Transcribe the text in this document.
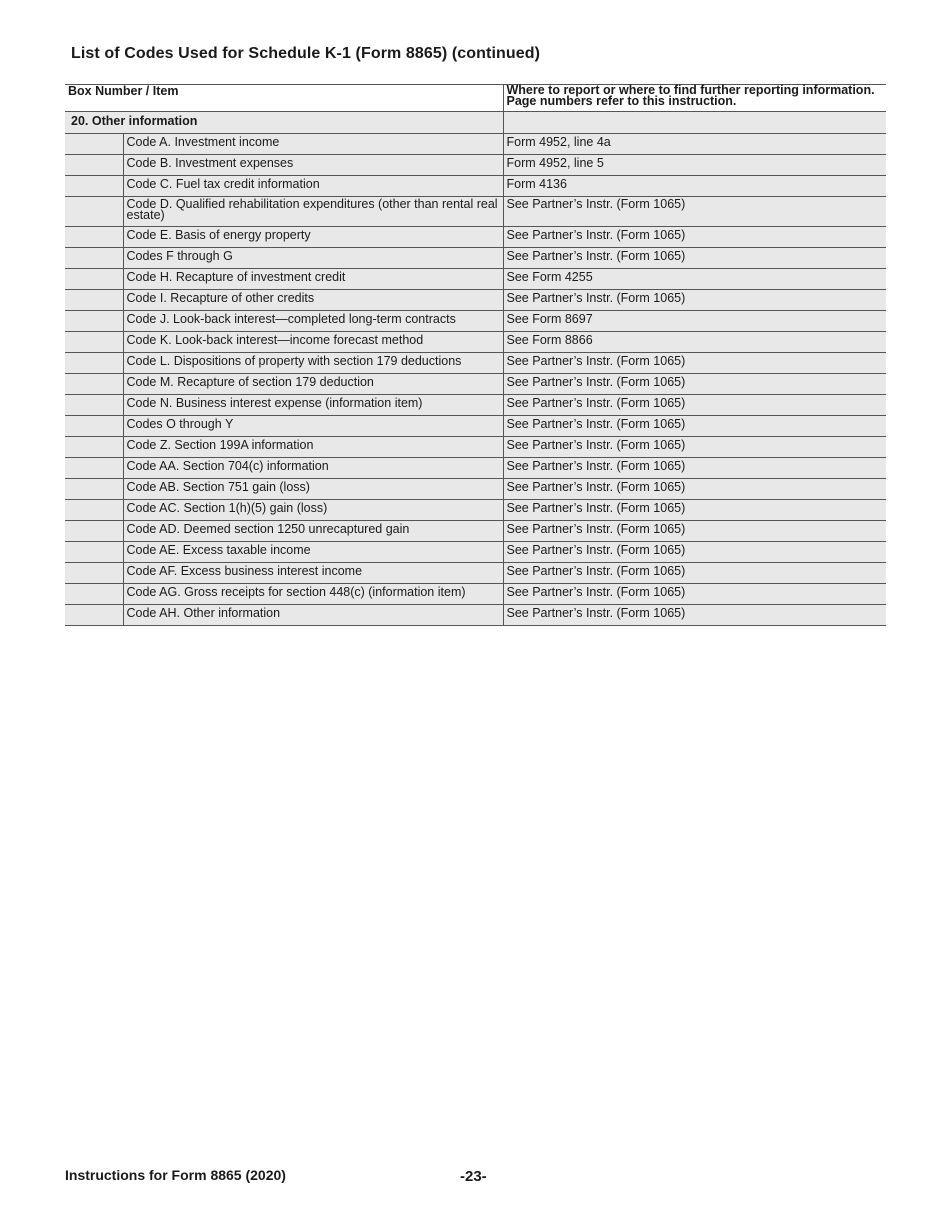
List of Codes Used for Schedule K-1 (Form 8865) (continued)
Box Number / Item		Where to report or where to find further reporting information. Page numbers refer to this instruction.
20. Other information		
	Code A. Investment income	Form 4952, line 4a
	Code B. Investment expenses	Form 4952, line 5
	Code C. Fuel tax credit information	Form 4136
	Code D. Qualified rehabilitation expenditures (other than rental real estate)	See Partner’s Instr. (Form 1065)
	Code E. Basis of energy property	See Partner’s Instr. (Form 1065)
	Codes F through G	See Partner’s Instr. (Form 1065)
	Code H. Recapture of investment credit	See Form 4255
	Code I. Recapture of other credits	See Partner’s Instr. (Form 1065)
	Code J. Look-back interest—completed long-term contracts	See Form 8697
	Code K. Look-back interest—income forecast method	See Form 8866
	Code L. Dispositions of property with section 179 deductions	See Partner’s Instr. (Form 1065)
	Code M. Recapture of section 179 deduction	See Partner’s Instr. (Form 1065)
	Code N. Business interest expense (information item)	See Partner’s Instr. (Form 1065)
	Codes O through Y	See Partner’s Instr. (Form 1065)
	Code Z. Section 199A information	See Partner’s Instr. (Form 1065)
	Code AA. Section 704(c) information	See Partner’s Instr. (Form 1065)
	Code AB. Section 751 gain (loss)	See Partner’s Instr. (Form 1065)
	Code AC. Section 1(h)(5) gain (loss)	See Partner’s Instr. (Form 1065)
	Code AD. Deemed section 1250 unrecaptured gain	See Partner’s Instr. (Form 1065)
	Code AE. Excess taxable income	See Partner’s Instr. (Form 1065)
	Code AF. Excess business interest income	See Partner’s Instr. (Form 1065)
	Code AG. Gross receipts for section 448(c) (information item)	See Partner’s Instr. (Form 1065)
	Code AH. Other information	See Partner’s Instr. (Form 1065)
Instructions for Form 8865 (2020)	-23-
